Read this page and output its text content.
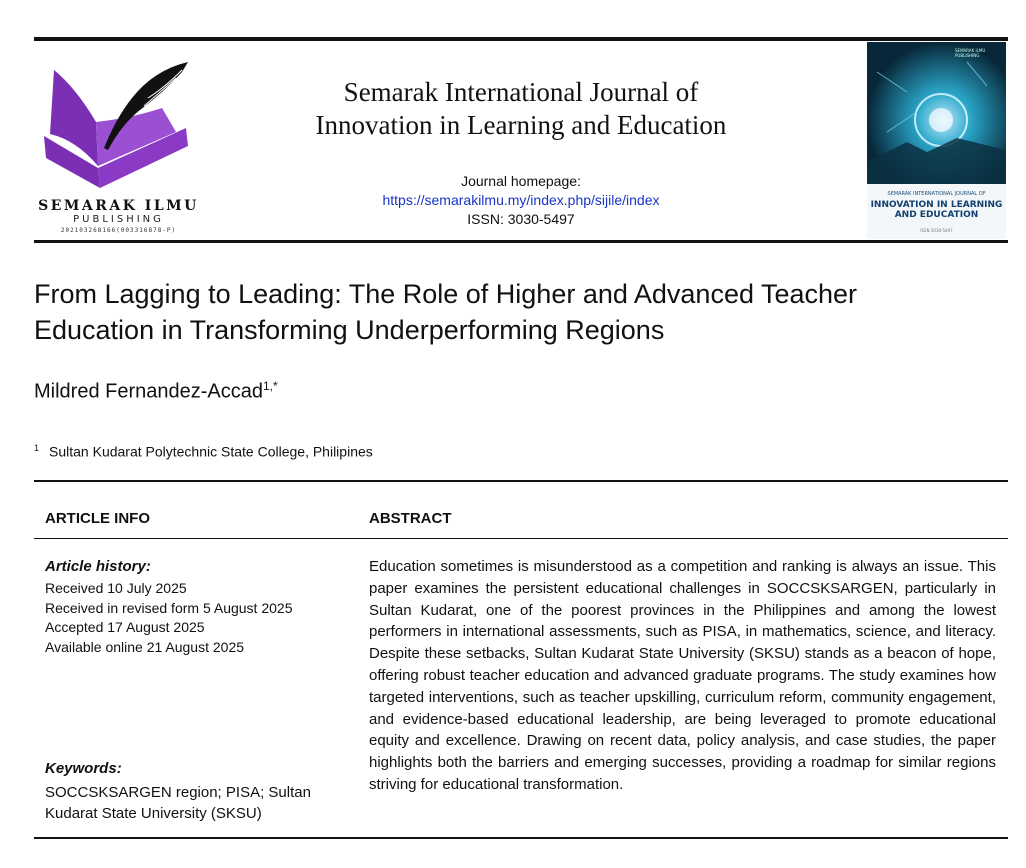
SEMARAK ILMU
PUBLISHING
202103268166(003316878-P)
Semarak International Journal of
Innovation in Learning and Education
Journal homepage:
https://semarakilmu.my/index.php/sijile/index
ISSN: 3030-5497
SEMARAK ILMU PUBLISHING
SEMARAK INTERNATIONAL JOURNAL OF
INNOVATION IN LEARNING
AND EDUCATION
ISSN 3030-5497
From Lagging to Leading: The Role of Higher and Advanced Teacher
Education in Transforming Underperforming Regions
Mildred Fernandez-Accad$^{1,*}$
$^1$ Sultan Kudarat Polytechnic State College, Philipines
ARTICLE INFO	ABSTRACT
Article history:
Received 10 July 2025
Received in revised form 5 August 2025
Accepted 17 August 2025
Available online 21 August 2025
Keywords:
SOCCSKSARGEN region; PISA; Sultan Kudarat State University (SKSU)
Education sometimes is misunderstood as a competition and ranking is always an issue. This paper examines the persistent educational challenges in SOCCSKSARGEN, particularly in Sultan Kudarat, one of the poorest provinces in the Philippines and among the lowest performers in international assessments, such as PISA, in mathematics, science, and literacy. Despite these setbacks, Sultan Kudarat State University (SKSU) stands as a beacon of hope, offering robust teacher education and advanced graduate programs. The study examines how targeted interventions, such as teacher upskilling, curriculum reform, community engagement, and evidence-based educational leadership, are being leveraged to promote educational equity and excellence. Drawing on recent data, policy analysis, and case studies, the paper highlights both the barriers and emerging successes, providing a roadmap for similar regions striving for educational transformation.
